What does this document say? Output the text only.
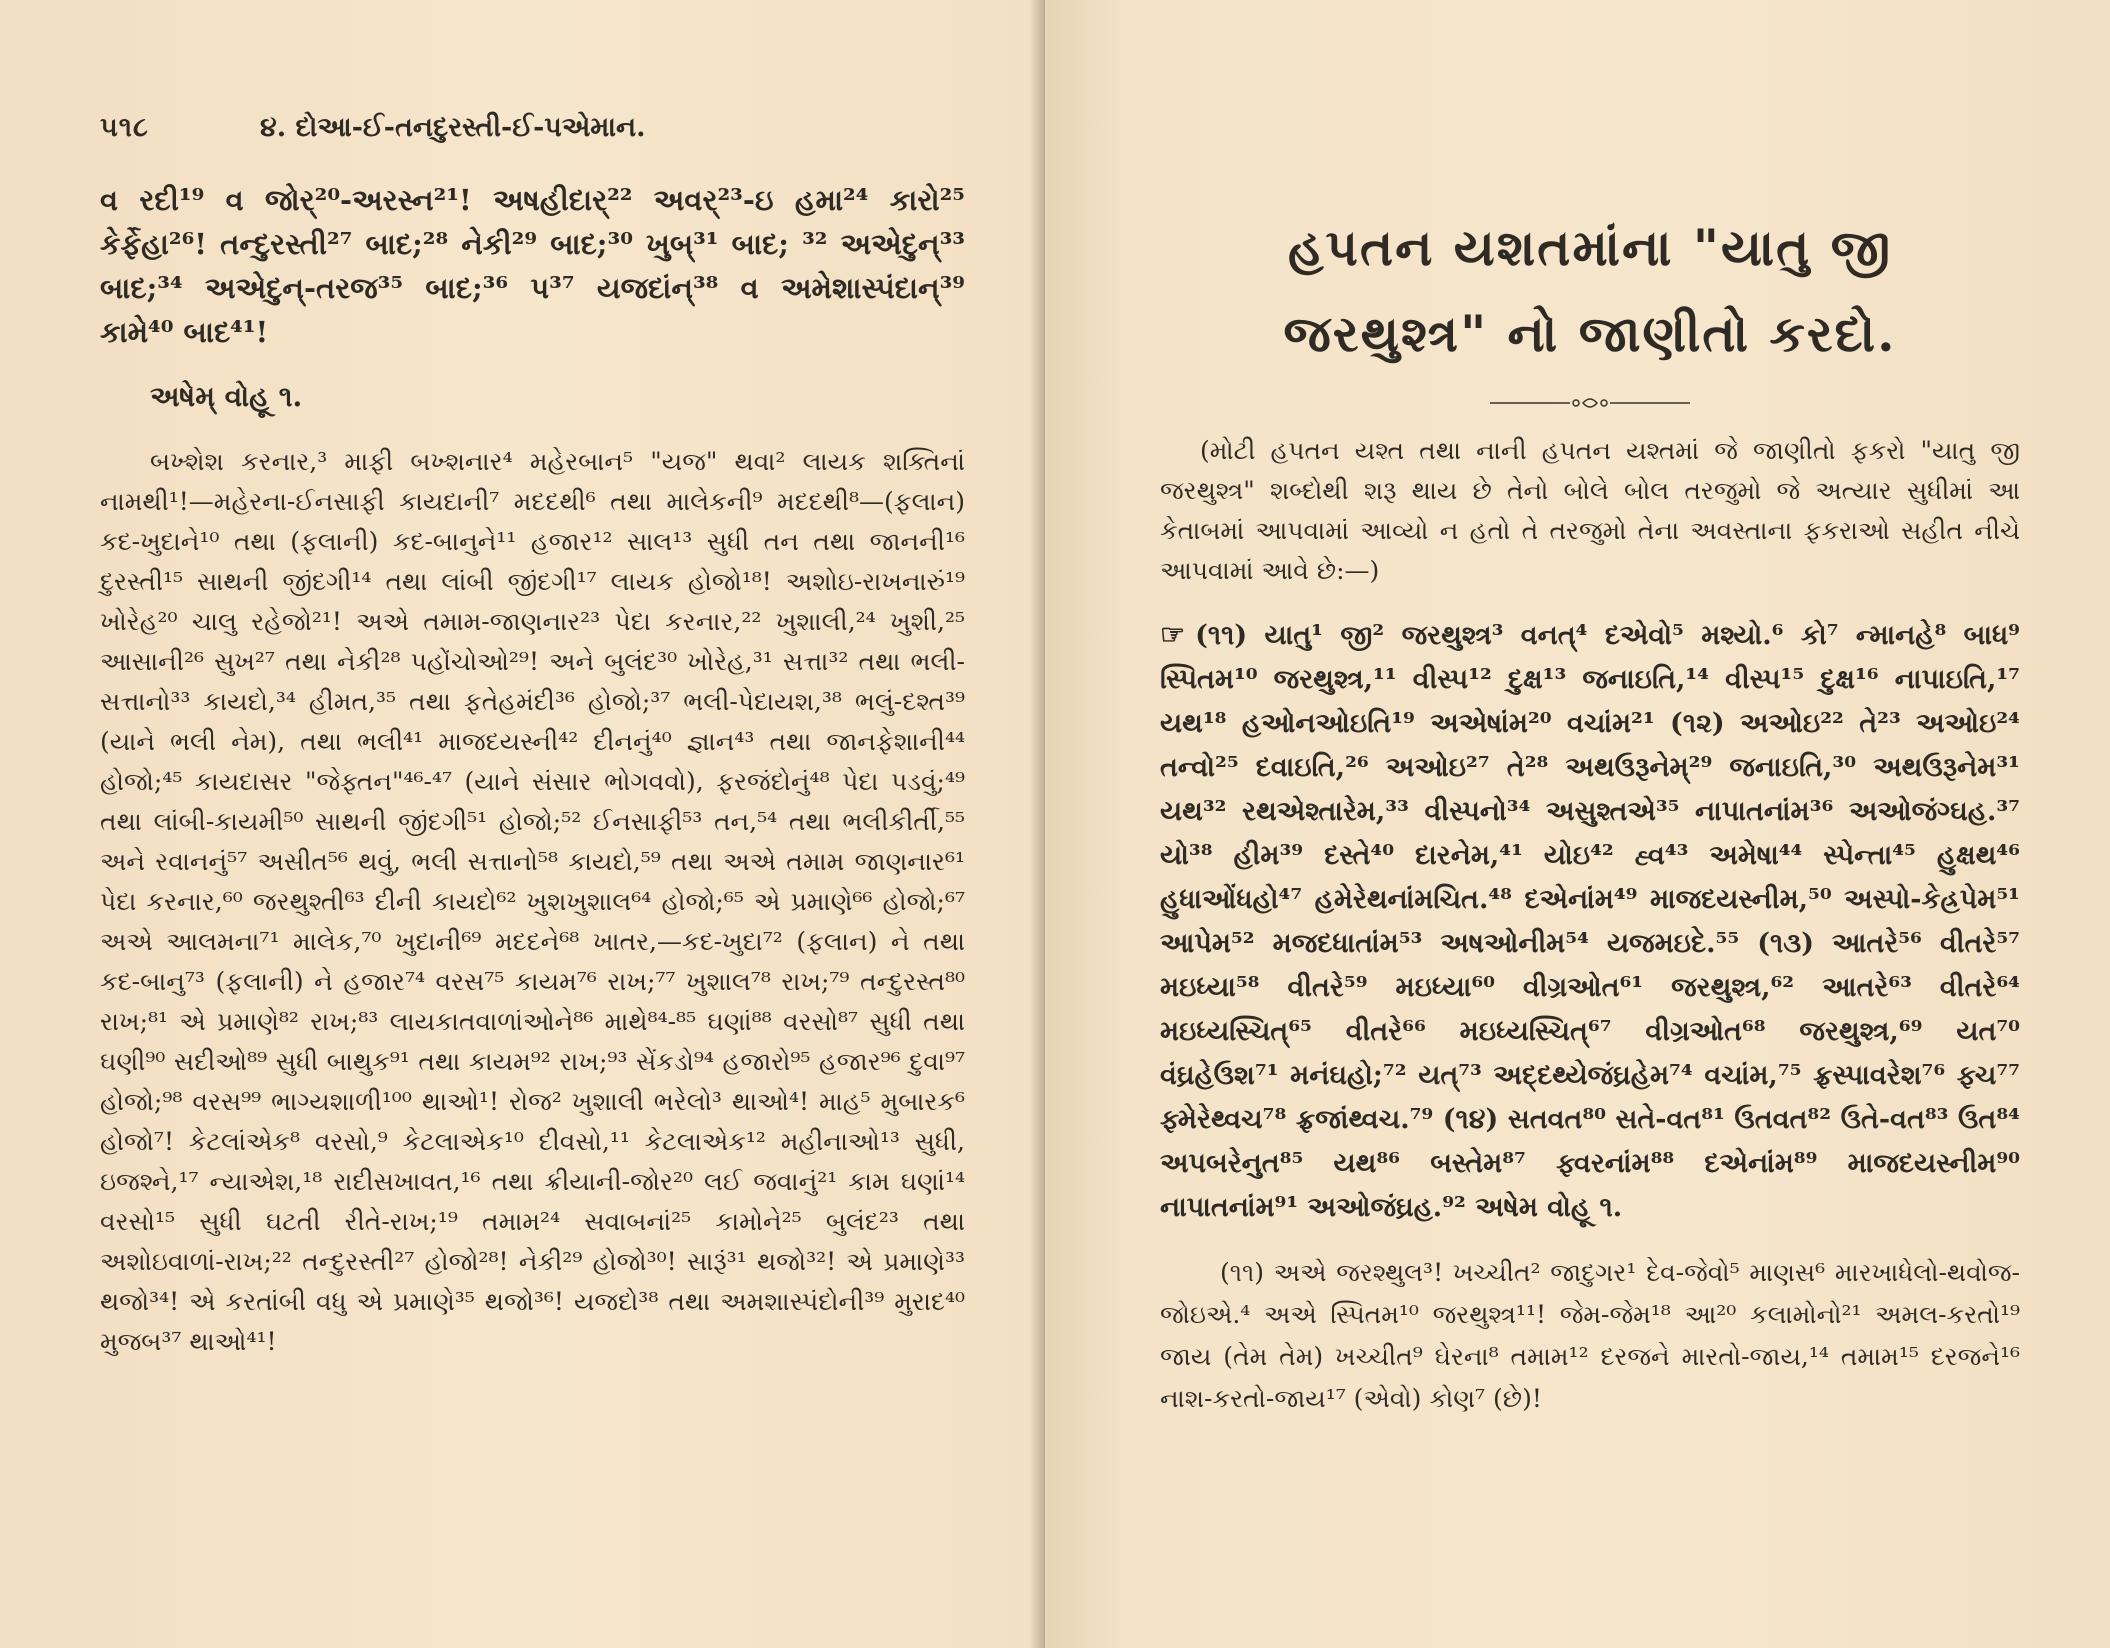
૫૧૮	૪. દોઆ-ઈ-તનદુરસ્તી-ઈ-પએમાન.

વ રદી¹⁹ વ જોર્²⁰-અરસ્ન²¹! અષહીદાર્²² અવર્²³-ઇ હમા²⁴ કારો²⁵ કેર્ફેહા²⁶! તન્દુરસ્તી²⁷ બાદ;²⁸ નેકી²⁹ બાદ;³⁰ ખુબ્³¹ બાદ; ³² અએદુન્³³ બાદ;³⁴ અએદુન્-તરજ³⁵ બાદ;³⁶ પ³⁷ યજદાંન્³⁸ વ અમેશાસ્પંદાન્³⁹ કામે⁴⁰ બાદ⁴¹!

અષેમ્ વોહૂ ૧.

બખ્શેશ કરનાર,³ માફી બખ્શનાર⁴ મહેરબાન⁵ "યજ" થવા² લાયક શક્તિનાં નામથી¹!—મહેરના-ઈનસાફી કાયદાની⁷ મદદથી⁶ તથા માલેકની⁹ મદદથી⁸—(ફલાન) કદ-ખુદાને¹⁰ તથા (ફલાની) કદ-બાનુને¹¹ હજાર¹² સાલ¹³ સુધી તન તથા જાનની¹⁶ દુરસ્તી¹⁵ સાથની જીંદગી¹⁴ તથા લાંબી જીંદગી¹⁷ લાયક હોજો¹⁸! અશોઇ-રાખનારું¹⁹ ખોરેહ²⁰ ચાલુ રહેજો²¹! અએ તમામ-જાણનાર²³ પેદા કરનાર,²² ખુશાલી,²⁴ ખુશી,²⁵ આસાની²⁶ સુખ²⁷ તથા નેકી²⁸ પહોંચોઓ²⁹! અને બુલંદ³⁰ ખોરેહ,³¹ સત્તા³² તથા ભલી-સત્તાનો³³ કાયદો,³⁴ હીમત,³⁵ તથા ફતેહમંદી³⁶ હોજો;³⁷ ભલી-પેદાયશ,³⁸ ભલું-દશ્ત³⁹ (યાને ભલી નેમ), તથા ભલી⁴¹ માજદયસ્ની⁴² દીનનું⁴⁰ જ્ઞાન⁴³ તથા જાનફેશાની⁴⁴ હોજો;⁴⁵ કાયદાસર "જેફ્તન"⁴⁶-⁴⁷ (યાને સંસાર ભોગવવો), ફરજંદોનું⁴⁸ પેદા પડવું;⁴⁹ તથા લાંબી-કાયમી⁵⁰ સાથની જીંદગી⁵¹ હોજો;⁵² ઈનસાફી⁵³ તન,⁵⁴ તથા ભલીકીર્તી,⁵⁵ અને રવાનનું⁵⁷ અસીત⁵⁶ થવું, ભલી સત્તાનો⁵⁸ કાયદો,⁵⁹ તથા અએ તમામ જાણનાર⁶¹ પેદા કરનાર,⁶⁰ જરથુશ્તી⁶³ દીની કાયદો⁶² ખુશખુશાલ⁶⁴ હોજો;⁶⁵ એ પ્રમાણે⁶⁶ હોજો;⁶⁷ અએ આલમના⁷¹ માલેક,⁷⁰ ખુદાની⁶⁹ મદદને⁶⁸ ખાતર,—કદ-ખુદા⁷² (ફલાન) ને તથા કદ-બાનુ⁷³ (ફલાની) ને હજાર⁷⁴ વરસ⁷⁵ કાયમ⁷⁶ રાખ;⁷⁷ ખુશાલ⁷⁸ રાખ;⁷⁹ તન્દુરસ્ત⁸⁰ રાખ;⁸¹ એ પ્રમાણે⁸² રાખ;⁸³ લાયકાતવાળાંઓને⁸⁶ માથે⁸⁴-⁸⁵ ઘણાં⁸⁸ વરસો⁸⁷ સુધી તથા ઘણી⁹⁰ સદીઓ⁸⁹ સુધી બાથુક⁹¹ તથા કાયમ⁹² રાખ;⁹³ સેંકડો⁹⁴ હજારો⁹⁵ હજાર⁹⁶ દુવા⁹⁷ હોજો;⁹⁸ વરસ⁹⁹ ભાગ્યશાળી¹⁰⁰ થાઓ¹! રોજ² ખુશાલી ભરેલો³ થાઓ⁴! માહ⁵ મુબારક⁶ હોજો⁷! કેટલાંએક⁸ વરસો,⁹ કેટલાએક¹⁰ દીવસો,¹¹ કેટલાએક¹² મહીનાઓ¹³ સુધી, ઇજશ્ને,¹⁷ ન્યાએશ,¹⁸ રાદીસખાવત,¹⁶ તથા ક્રીયાની-જોર²⁰ લઈ જવાનું²¹ કામ ઘણાં¹⁴ વરસો¹⁵ સુધી ઘટતી રીતે-રાખ;¹⁹ તમામ²⁴ સવાબનાં²⁵ કામોને²⁵ બુલંદ²³ તથા અશોઇવાળાં-રાખ;²² તન્દુરસ્તી²⁷ હોજો²⁸! નેકી²⁹ હોજો³⁰! સારૂં³¹ થજો³²! એ પ્રમાણે³³ થજો³⁴! એ કરતાંબી વધુ એ પ્રમાણે³⁵ થજો³⁶! યજદો³⁸ તથા અમશાસ્પંદોની³⁹ મુરાદ⁴⁰ મુજબ³⁷ થાઓ⁴¹!

હપતન યશતમાંના "યાતુ જી

જરથુશ્ત્ર" નો જાણીતો કરદો.

(મોટી હપતન યશ્ત તથા નાની હપતન યશ્તમાં જે જાણીતો ફકરો "યાતુ જી જરથુશ્ત્ર" શબ્દોથી શરૂ થાય છે તેનો બોલે બોલ તરજુમો જે અત્યાર સુધીમાં આ કેતાબમાં આપવામાં આવ્યો ન હતો તે તરજુમો તેના અવસ્તાના ફકરાઓ સહીત નીચે આપવામાં આવે છે:—)

☞ (૧૧) યાતુ¹ જી² જરથુશ્ત્ર³ વનત્⁴ દએવો⁵ મશ્યો.⁶ કો⁷ ન્માનહે⁸ બાધ⁹ સ્પિતમ¹⁰ જરથુશ્ત્ર,¹¹ વીસ્પ¹² દુક્ષ¹³ જનાઇતિ,¹⁴ વીસ્પ¹⁵ દુક્ષ¹⁶ નાપાઇતિ,¹⁷ યથ¹⁸ હઓનઓઇતિ¹⁹ અએષાંમ²⁰ વચાંમ²¹ (૧૨) અઓઇ²² તે²³ અઓઇ²⁴ તન્વો²⁵ દવાઇતિ,²⁶ અઓઇ²⁷ તે²⁸ અથઉરૂનેમ્²⁹ જનાઇતિ,³⁰ અથઉરૂનેમ³¹ યથ³² રથએશ્તારેમ,³³ વીસ્પનો³⁴ અસુશ્તએ³⁵ નાપાતનાંમ³⁶ અઓજંગ્ઘહ.³⁷ યો³⁸ હીમ³⁹ દસ્તે⁴⁰ દારનેમ,⁴¹ યોઇ⁴² હ્વ⁴³ અમેષા⁴⁴ સ્પેન્તા⁴⁵ હુક્ષથ⁴⁶ હુધાઓંધહો⁴⁷ હમેરેથનાંમચિત.⁴⁸ દએનાંમ⁴⁹ માજદયસ્નીમ,⁵⁰ અસ્પો-કેહ્રપેમ⁵¹ આપેમ⁵² મજદધાતાંમ⁵³ અષઓનીમ⁵⁴ યજમઇદે.⁵⁵ (૧૩) આતરે⁵⁶ વીતરે⁵⁷ મઇધ્યા⁵⁸ વીતરે⁵⁹ મઇધ્યા⁶⁰ વીગ્રઓત⁶¹ જરથુશ્ત્ર,⁶² આતરે⁶³ વીતરે⁶⁴ મઇધ્યસ્ચિત્⁶⁵ વીતરે⁶⁶ મઇધ્યસ્ચિત્⁶⁷ વીગ્રઓત⁶⁸ જરથુશ્ત્ર,⁶⁹ યત⁷⁰ વંઘ્રહેઉશ⁷¹ મનંઘહો;⁷² યત્⁷³ અદ્દથ્યેજંઘ્રહેમ⁷⁴ વચાંમ,⁷⁵ ફ્રસ્પાવરેશ⁷⁶ ફ્ચ⁷⁷ ફ્મેરેથ્વચ⁷⁸ ફ્રજાંથ્વચ.⁷⁹ (૧૪) સતવત⁸⁰ સતે-વત⁸¹ ઉતવત⁸² ઉતે-વત⁸³ ઉત⁸⁴ અપબરેનુત⁸⁵ યથ⁸⁶ બસ્તેમ⁸⁷ ફ્વરનાંમ⁸⁸ દએનાંમ⁸⁹ માજદયસ્નીમ⁹⁰ નાપાતનાંમ⁹¹ અઓજંઘ્રહ.⁹² અષેમ વોહૂ ૧.

(૧૧) અએ જરશ્થુલ³! ખચ્ચીત² જાદુગર¹ દેવ-જેવો⁵ માણસ⁶ મારખાધેલો-થવોજ-જોઇએ.⁴ અએ સ્પિતમ¹⁰ જરથુશ્ત્ર¹¹! જેમ-જેમ¹⁸ આ²⁰ કલામોનો²¹ અમલ-કરતો¹⁹ જાય (તેમ તેમ) ખચ્ચીત⁹ ઘેરના⁸ તમામ¹² દરજને મારતો-જાય,¹⁴ તમામ¹⁵ દરજને¹⁶ નાશ-કરતો-જાય¹⁷ (એવો) કોણ⁷ (છે)!
